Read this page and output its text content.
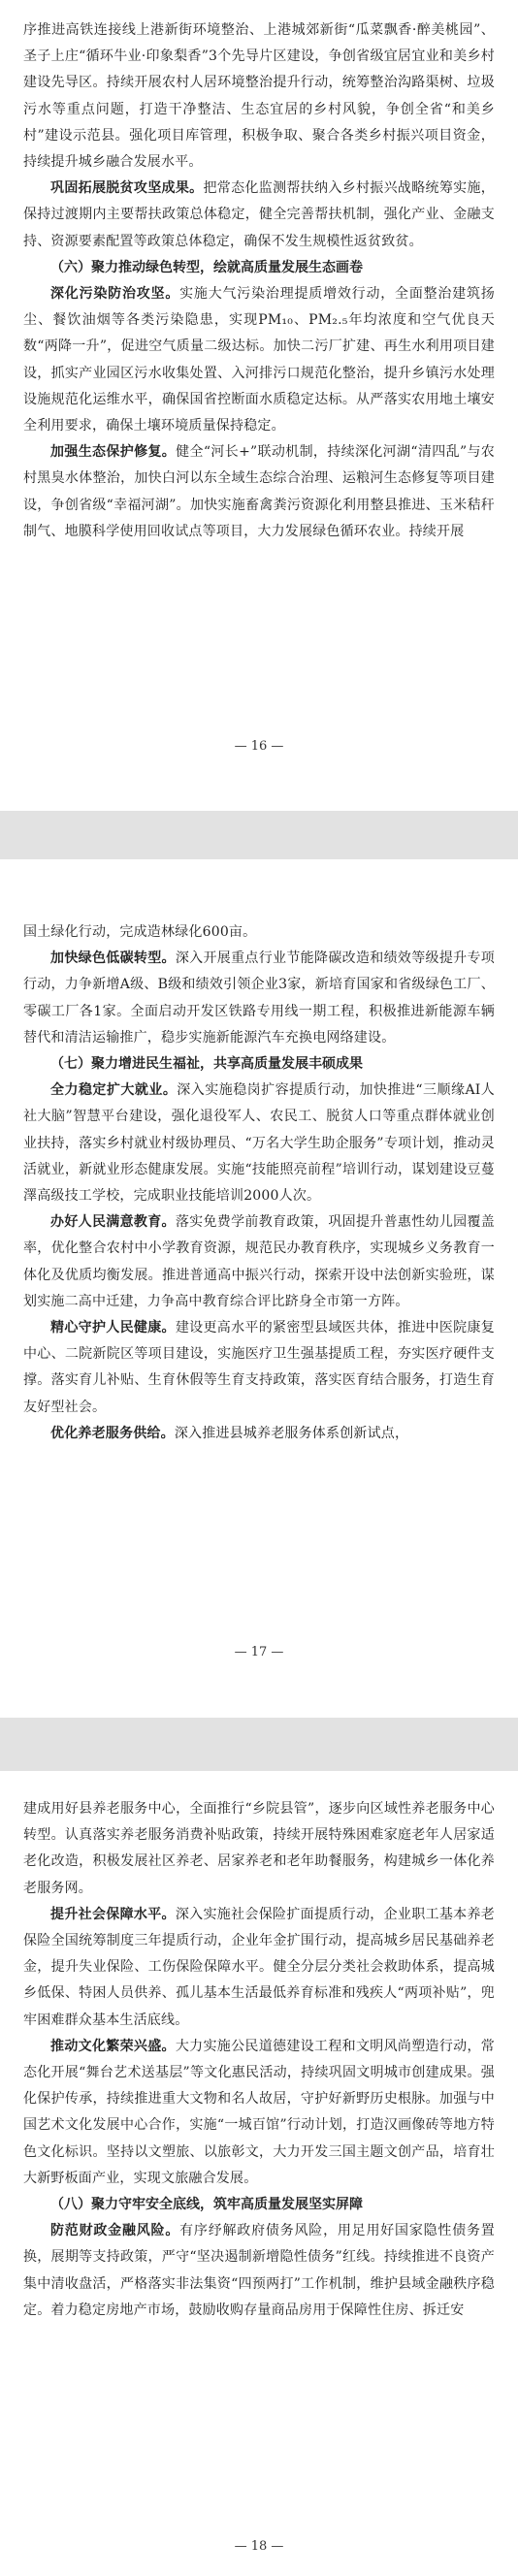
序推进高铁连接线上港新街环境整治、上港城郊新街“瓜菜飘香·醉美桃园”、圣子上庄“循环牛业·印象梨香”3个先导片区建设，争创省级宜居宜业和美乡村建设先导区。持续开展农村人居环境整治提升行动，统筹整治沟路渠树、垃圾污水等重点问题，打造干净整洁、生态宜居的乡村风貌，争创全省“和美乡村”建设示范县。强化项目库管理，积极争取、聚合各类乡村振兴项目资金，持续提升城乡融合发展水平。

巩固拓展脱贫攻坚成果。把常态化监测帮扶纳入乡村振兴战略统筹实施，保持过渡期内主要帮扶政策总体稳定，健全完善帮扶机制，强化产业、金融支持、资源要素配置等政策总体稳定，确保不发生规模性返贫致贫。

（六）聚力推动绿色转型，绘就高质量发展生态画卷

深化污染防治攻坚。实施大气污染治理提质增效行动，全面整治建筑扬尘、餐饮油烟等各类污染隐患，实现PM₁₀、PM₂.₅年均浓度和空气优良天数“两降一升”，促进空气质量二级达标。加快二污厂扩建、再生水利用项目建设，抓实产业园区污水收集处置、入河排污口规范化整治，提升乡镇污水处理设施规范化运维水平，确保国省控断面水质稳定达标。从严落实农用地土壤安全利用要求，确保土壤环境质量保持稳定。

加强生态保护修复。健全“河长+”联动机制，持续深化河湖“清四乱”与农村黑臭水体整治，加快白河以东全域生态综合治理、运粮河生态修复等项目建设，争创省级“幸福河湖”。加快实施畜禽粪污资源化利用整县推进、玉米秸秆制气、地膜科学使用回收试点等项目，大力发展绿色循环农业。持续开展

— 16 —

国土绿化行动，完成造林绿化600亩。

加快绿色低碳转型。深入开展重点行业节能降碳改造和绩效等级提升专项行动，力争新增A级、B级和绩效引领企业3家，新培育国家和省级绿色工厂、零碳工厂各1家。全面启动开发区铁路专用线一期工程，积极推进新能源车辆替代和清洁运输推广，稳步实施新能源汽车充换电网络建设。

（七）聚力增进民生福祉，共享高质量发展丰硕成果

全力稳定扩大就业。深入实施稳岗扩容提质行动，加快推进“三顺缘AI人社大脑”智慧平台建设，强化退役军人、农民工、脱贫人口等重点群体就业创业扶持，落实乡村就业村级协理员、“万名大学生助企服务”专项计划，推动灵活就业，新就业形态健康发展。实施“技能照亮前程”培训行动，谋划建设豆蔓澤高级技工学校，完成职业技能培训2000人次。

办好人民满意教育。落实免费学前教育政策，巩固提升普惠性幼儿园覆盖率，优化整合农村中小学教育资源，规范民办教育秩序，实现城乡义务教育一体化及优质均衡发展。推进普通高中振兴行动，探索开设中法创新实验班，谋划实施二高中迁建，力争高中教育综合评比跻身全市第一方阵。

精心守护人民健康。建设更高水平的紧密型县域医共体，推进中医院康复中心、二院新院区等项目建设，实施医疗卫生强基提质工程，夯实医疗硬件支撑。落实育儿补贴、生育休假等生育支持政策，落实医育结合服务，打造生育友好型社会。

优化养老服务供给。深入推进县城养老服务体系创新试点，

— 17 —

建成用好县养老服务中心，全面推行“乡院县管”，逐步向区域性养老服务中心转型。认真落实养老服务消费补贴政策，持续开展特殊困难家庭老年人居家适老化改造，积极发展社区养老、居家养老和老年助餐服务，构建城乡一体化养老服务网。

提升社会保障水平。深入实施社会保险扩面提质行动，企业职工基本养老保险全国统筹制度三年提质行动，企业年金扩围行动，提高城乡居民基础养老金，提升失业保险、工伤保险保障水平。健全分层分类社会救助体系，提高城乡低保、特困人员供养、孤儿基本生活最低养育标准和残疾人“两项补贴”，兜牢困难群众基本生活底线。

推动文化繁荣兴盛。大力实施公民道德建设工程和文明风尚塑造行动，常态化开展“舞台艺术送基层”等文化惠民活动，持续巩固文明城市创建成果。强化保护传承，持续推进重大文物和名人故居，守护好新野历史根脉。加强与中国艺术文化发展中心合作，实施“一城百馆”行动计划，打造汉画像砖等地方特色文化标识。坚持以文塑旅、以旅彰文，大力开发三国主题文创产品，培育壮大新野板面产业，实现文旅融合发展。

（八）聚力守牢安全底线，筑牢高质量发展坚实屏障

防范财政金融风险。有序纾解政府债务风险，用足用好国家隐性债务置换，展期等支持政策，严守“坚决遏制新增隐性债务”红线。持续推进不良资产集中清收盘活，严格落实非法集资“四预两打”工作机制，维护县域金融秩序稳定。着力稳定房地产市场，鼓励收购存量商品房用于保障性住房、拆迁安

— 18 —
